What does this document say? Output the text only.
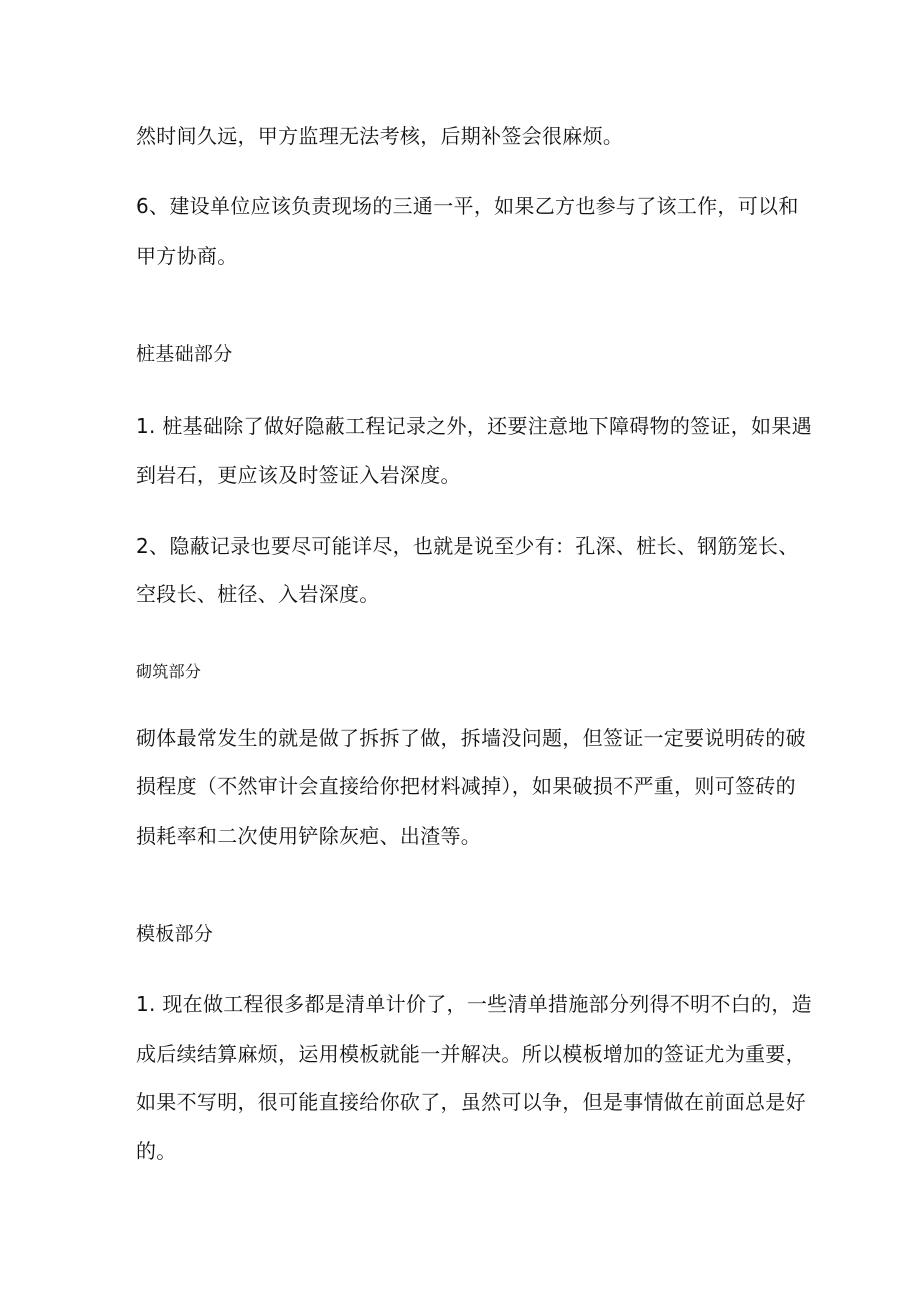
然时间久远，甲方监理无法考核，后期补签会很麻烦。
6、建设单位应该负责现场的三通一平，如果乙方也参与了该工作，可以和
甲方协商。
桩基础部分
1. 桩基础除了做好隐蔽工程记录之外，还要注意地下障碍物的签证，如果遇
到岩石，更应该及时签证入岩深度。
2、隐蔽记录也要尽可能详尽，也就是说至少有：孔深、桩长、钢筋笼长、
空段长、桩径、入岩深度。
砌筑部分
砌体最常发生的就是做了拆拆了做，拆墙没问题，但签证一定要说明砖的破
损程度（不然审计会直接给你把材料减掉），如果破损不严重，则可签砖的
损耗率和二次使用铲除灰疤、出渣等。
模板部分
1. 现在做工程很多都是清单计价了，一些清单措施部分列得不明不白的，造
成后续结算麻烦，运用模板就能一并解决。所以模板增加的签证尤为重要，
如果不写明，很可能直接给你砍了，虽然可以争，但是事情做在前面总是好
的。
